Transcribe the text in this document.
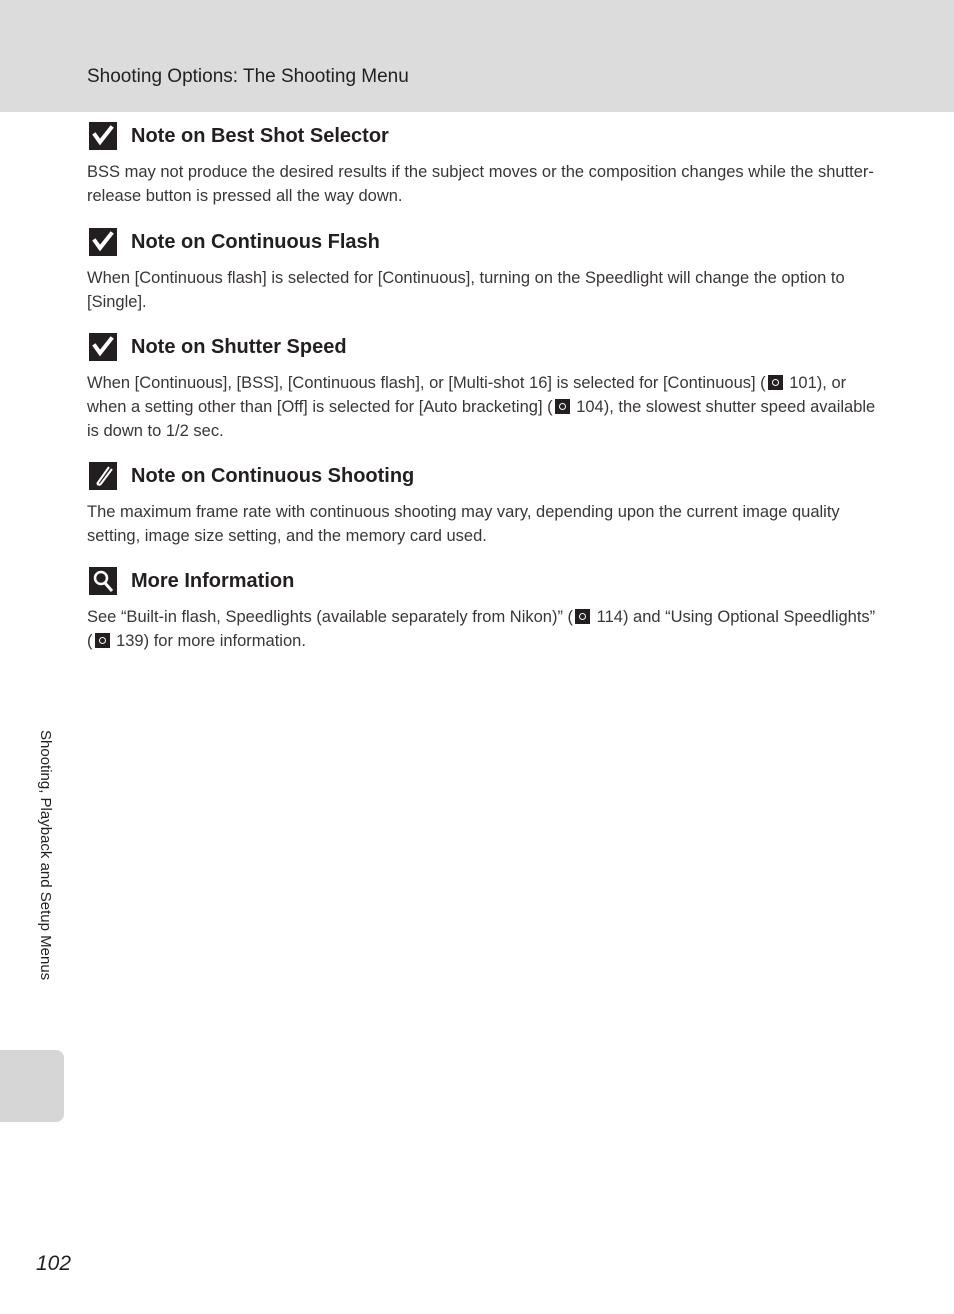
Shooting Options: The Shooting Menu
Note on Best Shot Selector
BSS may not produce the desired results if the subject moves or the composition changes while the shutter-release button is pressed all the way down.
Note on Continuous Flash
When [Continuous flash] is selected for [Continuous], turning on the Speedlight will change the option to [Single].
Note on Shutter Speed
When [Continuous], [BSS], [Continuous flash], or [Multi-shot 16] is selected for [Continuous] ( 101), or when a setting other than [Off] is selected for [Auto bracketing] ( 104), the slowest shutter speed available is down to 1/2 sec.
Note on Continuous Shooting
The maximum frame rate with continuous shooting may vary, depending upon the current image quality setting, image size setting, and the memory card used.
More Information
See “Built-in flash, Speedlights (available separately from Nikon)” ( 114) and “Using Optional Speedlights” ( 139) for more information.
Shooting, Playback and Setup Menus
102
